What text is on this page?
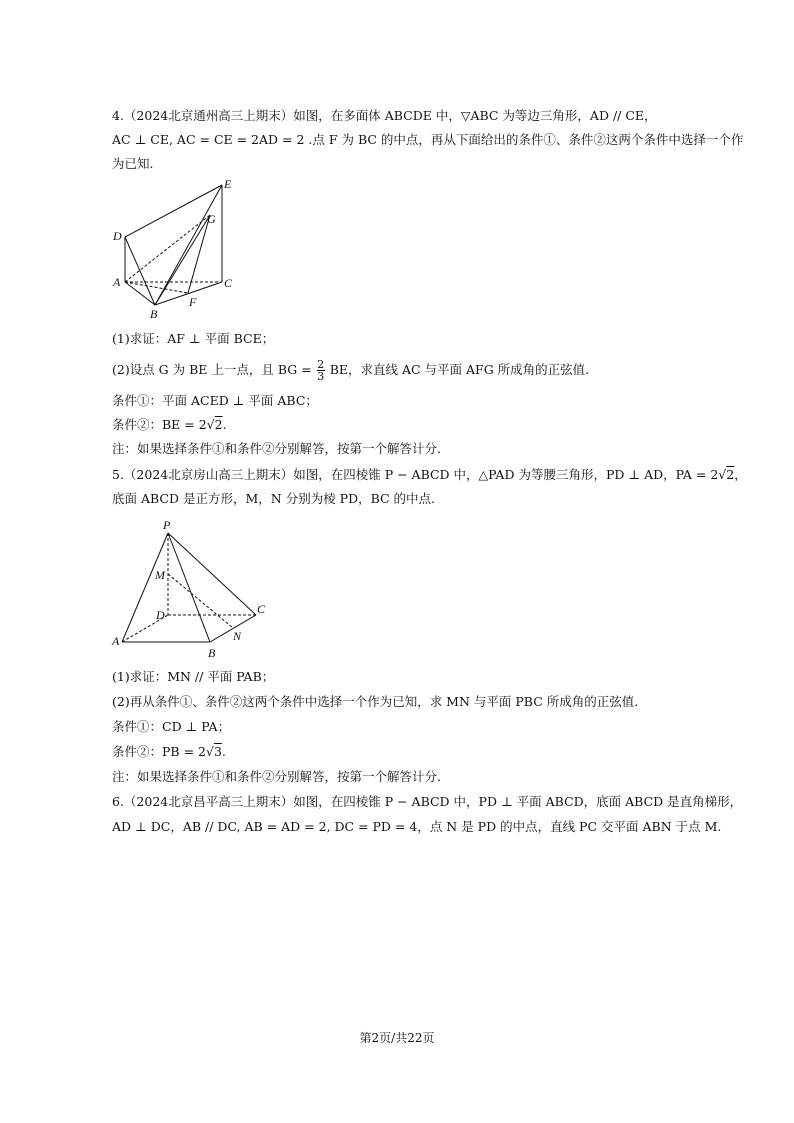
4.（2024北京通州高三上期末）如图，在多面体 ABCDE 中，▽ABC 为等边三角形，AD // CE，
AC ⊥ CE, AC = CE = 2AD = 2 .点 F 为 BC 的中点，再从下面给出的条件①、条件②这两个条件中选择一个作
为已知.
E
G
D
A	C
F
B
(1)求证：AF ⊥ 平面 BCE；
(2)设点 G 为 BE 上一点，且 BG = $\frac{2}{3}$ BE，求直线 AC 与平面 AFG 所成角的正弦值.
条件①：平面 ACED ⊥ 平面 ABC；
条件②：BE = 2√2.
注：如果选择条件①和条件②分别解答，按第一个解答计分.
5.（2024北京房山高三上期末）如图，在四棱锥 P − ABCD 中，△PAD 为等腰三角形，PD ⊥ AD，PA = 2√2，
底面 ABCD 是正方形，M，N 分别为棱 PD，BC 的中点.
P
M
D	C
N
A
B
(1)求证：MN // 平面 PAB；
(2)再从条件①、条件②这两个条件中选择一个作为已知，求 MN 与平面 PBC 所成角的正弦值.
条件①：CD ⊥ PA；
条件②：PB = 2√3.
注：如果选择条件①和条件②分别解答，按第一个解答计分.
6.（2024北京昌平高三上期末）如图，在四棱锥 P − ABCD 中，PD ⊥ 平面 ABCD，底面 ABCD 是直角梯形，
AD ⊥ DC，AB // DC, AB = AD = 2, DC = PD = 4，点 N 是 PD 的中点，直线 PC 交平面 ABN 于点 M.
第2页/共22页
